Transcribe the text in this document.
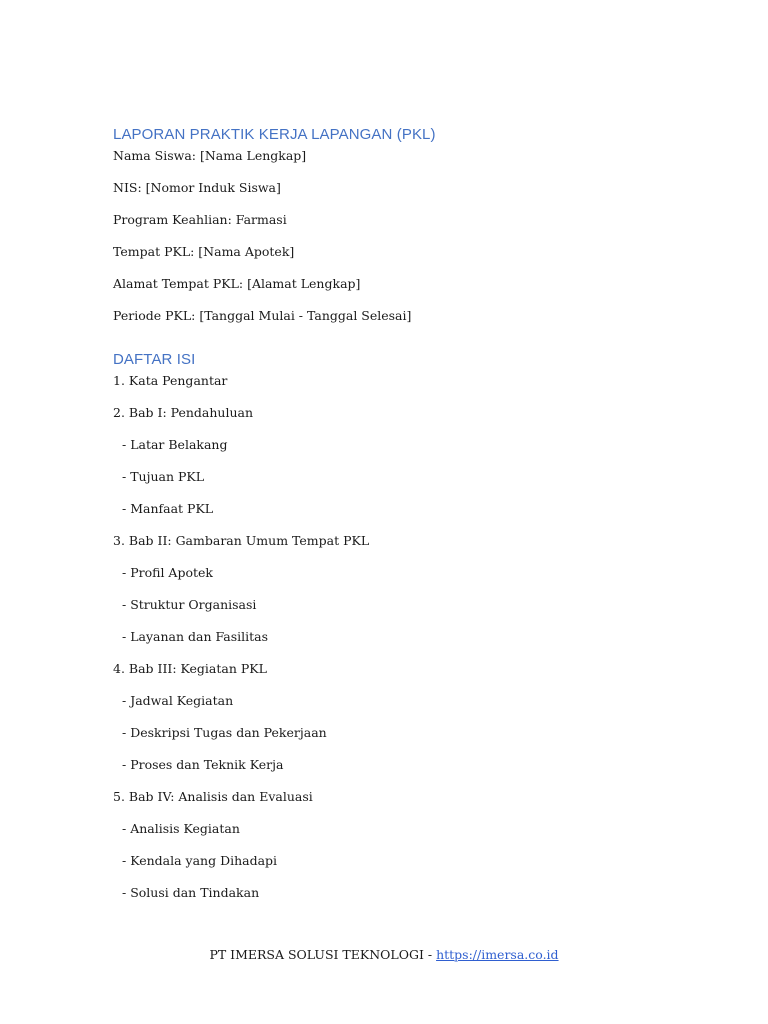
LAPORAN PRAKTIK KERJA LAPANGAN (PKL)
Nama Siswa: [Nama Lengkap]
NIS: [Nomor Induk Siswa]
Program Keahlian: Farmasi
Tempat PKL: [Nama Apotek]
Alamat Tempat PKL: [Alamat Lengkap]
Periode PKL: [Tanggal Mulai - Tanggal Selesai]
DAFTAR ISI
1. Kata Pengantar
2. Bab I: Pendahuluan
- Latar Belakang
- Tujuan PKL
- Manfaat PKL
3. Bab II: Gambaran Umum Tempat PKL
- Profil Apotek
- Struktur Organisasi
- Layanan dan Fasilitas
4. Bab III: Kegiatan PKL
- Jadwal Kegiatan
- Deskripsi Tugas dan Pekerjaan
- Proses dan Teknik Kerja
5. Bab IV: Analisis dan Evaluasi
- Analisis Kegiatan
- Kendala yang Dihadapi
- Solusi dan Tindakan
PT IMERSA SOLUSI TEKNOLOGI - https://imersa.co.id
